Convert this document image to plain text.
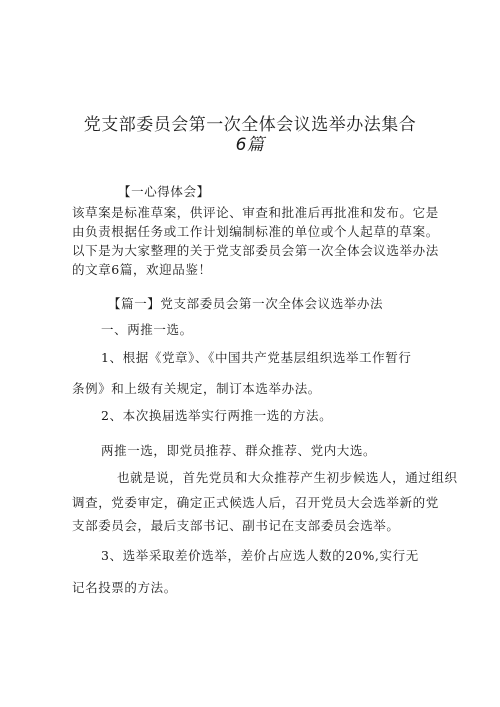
党支部委员会第一次全体会议选举办法集合
6篇
【一心得体会】
该草案是标准草案，供评论、审查和批准后再批准和发布。它是
由负责根据任务或工作计划编制标准的单位或个人起草的草案。
以下是为大家整理的关于党支部委员会第一次全体会议选举办法
的文章6篇，欢迎品鉴！
【篇一】党支部委员会第一次全体会议选举办法
一、两推一选。
1、根据《党章》、《中国共产党基层组织选举工作暂行
条例》和上级有关规定，制订本选举办法。
2、本次换届选举实行两推一选的方法。
两推一选，即党员推荐、群众推荐、党内大选。
也就是说，首先党员和大众推荐产生初步候选人，通过组织
调查，党委审定，确定正式候选人后，召开党员大会选举新的党
支部委员会，最后支部书记、副书记在支部委员会选举。
3、选举采取差价选举，差价占应选人数的20%,实行无
记名投票的方法。
